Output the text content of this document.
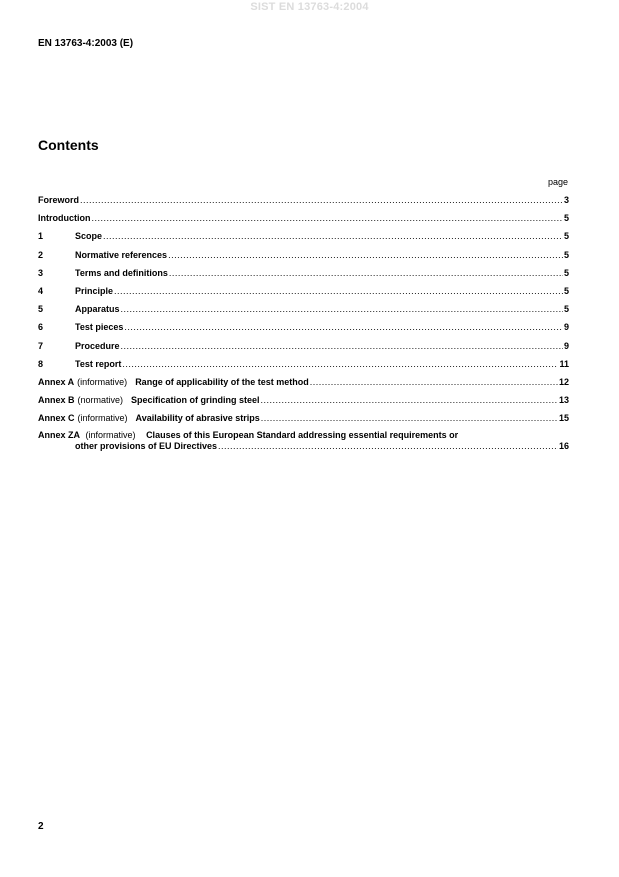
SIST EN 13763-4:2004
EN 13763-4:2003 (E)
Contents
page
Foreword .....	3
Introduction .....	5
1	Scope .....	5
2	Normative references .....	5
3	Terms and definitions .....	5
4	Principle .....	5
5	Apparatus .....	5
6	Test pieces .....	9
7	Procedure .....	9
8	Test report .....	11
Annex A (informative) Range of applicability of the test method .....	12
Annex B (normative) Specification of grinding steel .....	13
Annex C (informative) Availability of abrasive strips .....	15
Annex ZA (informative) Clauses of this European Standard addressing essential requirements or
other provisions of EU Directives .....	16
2
